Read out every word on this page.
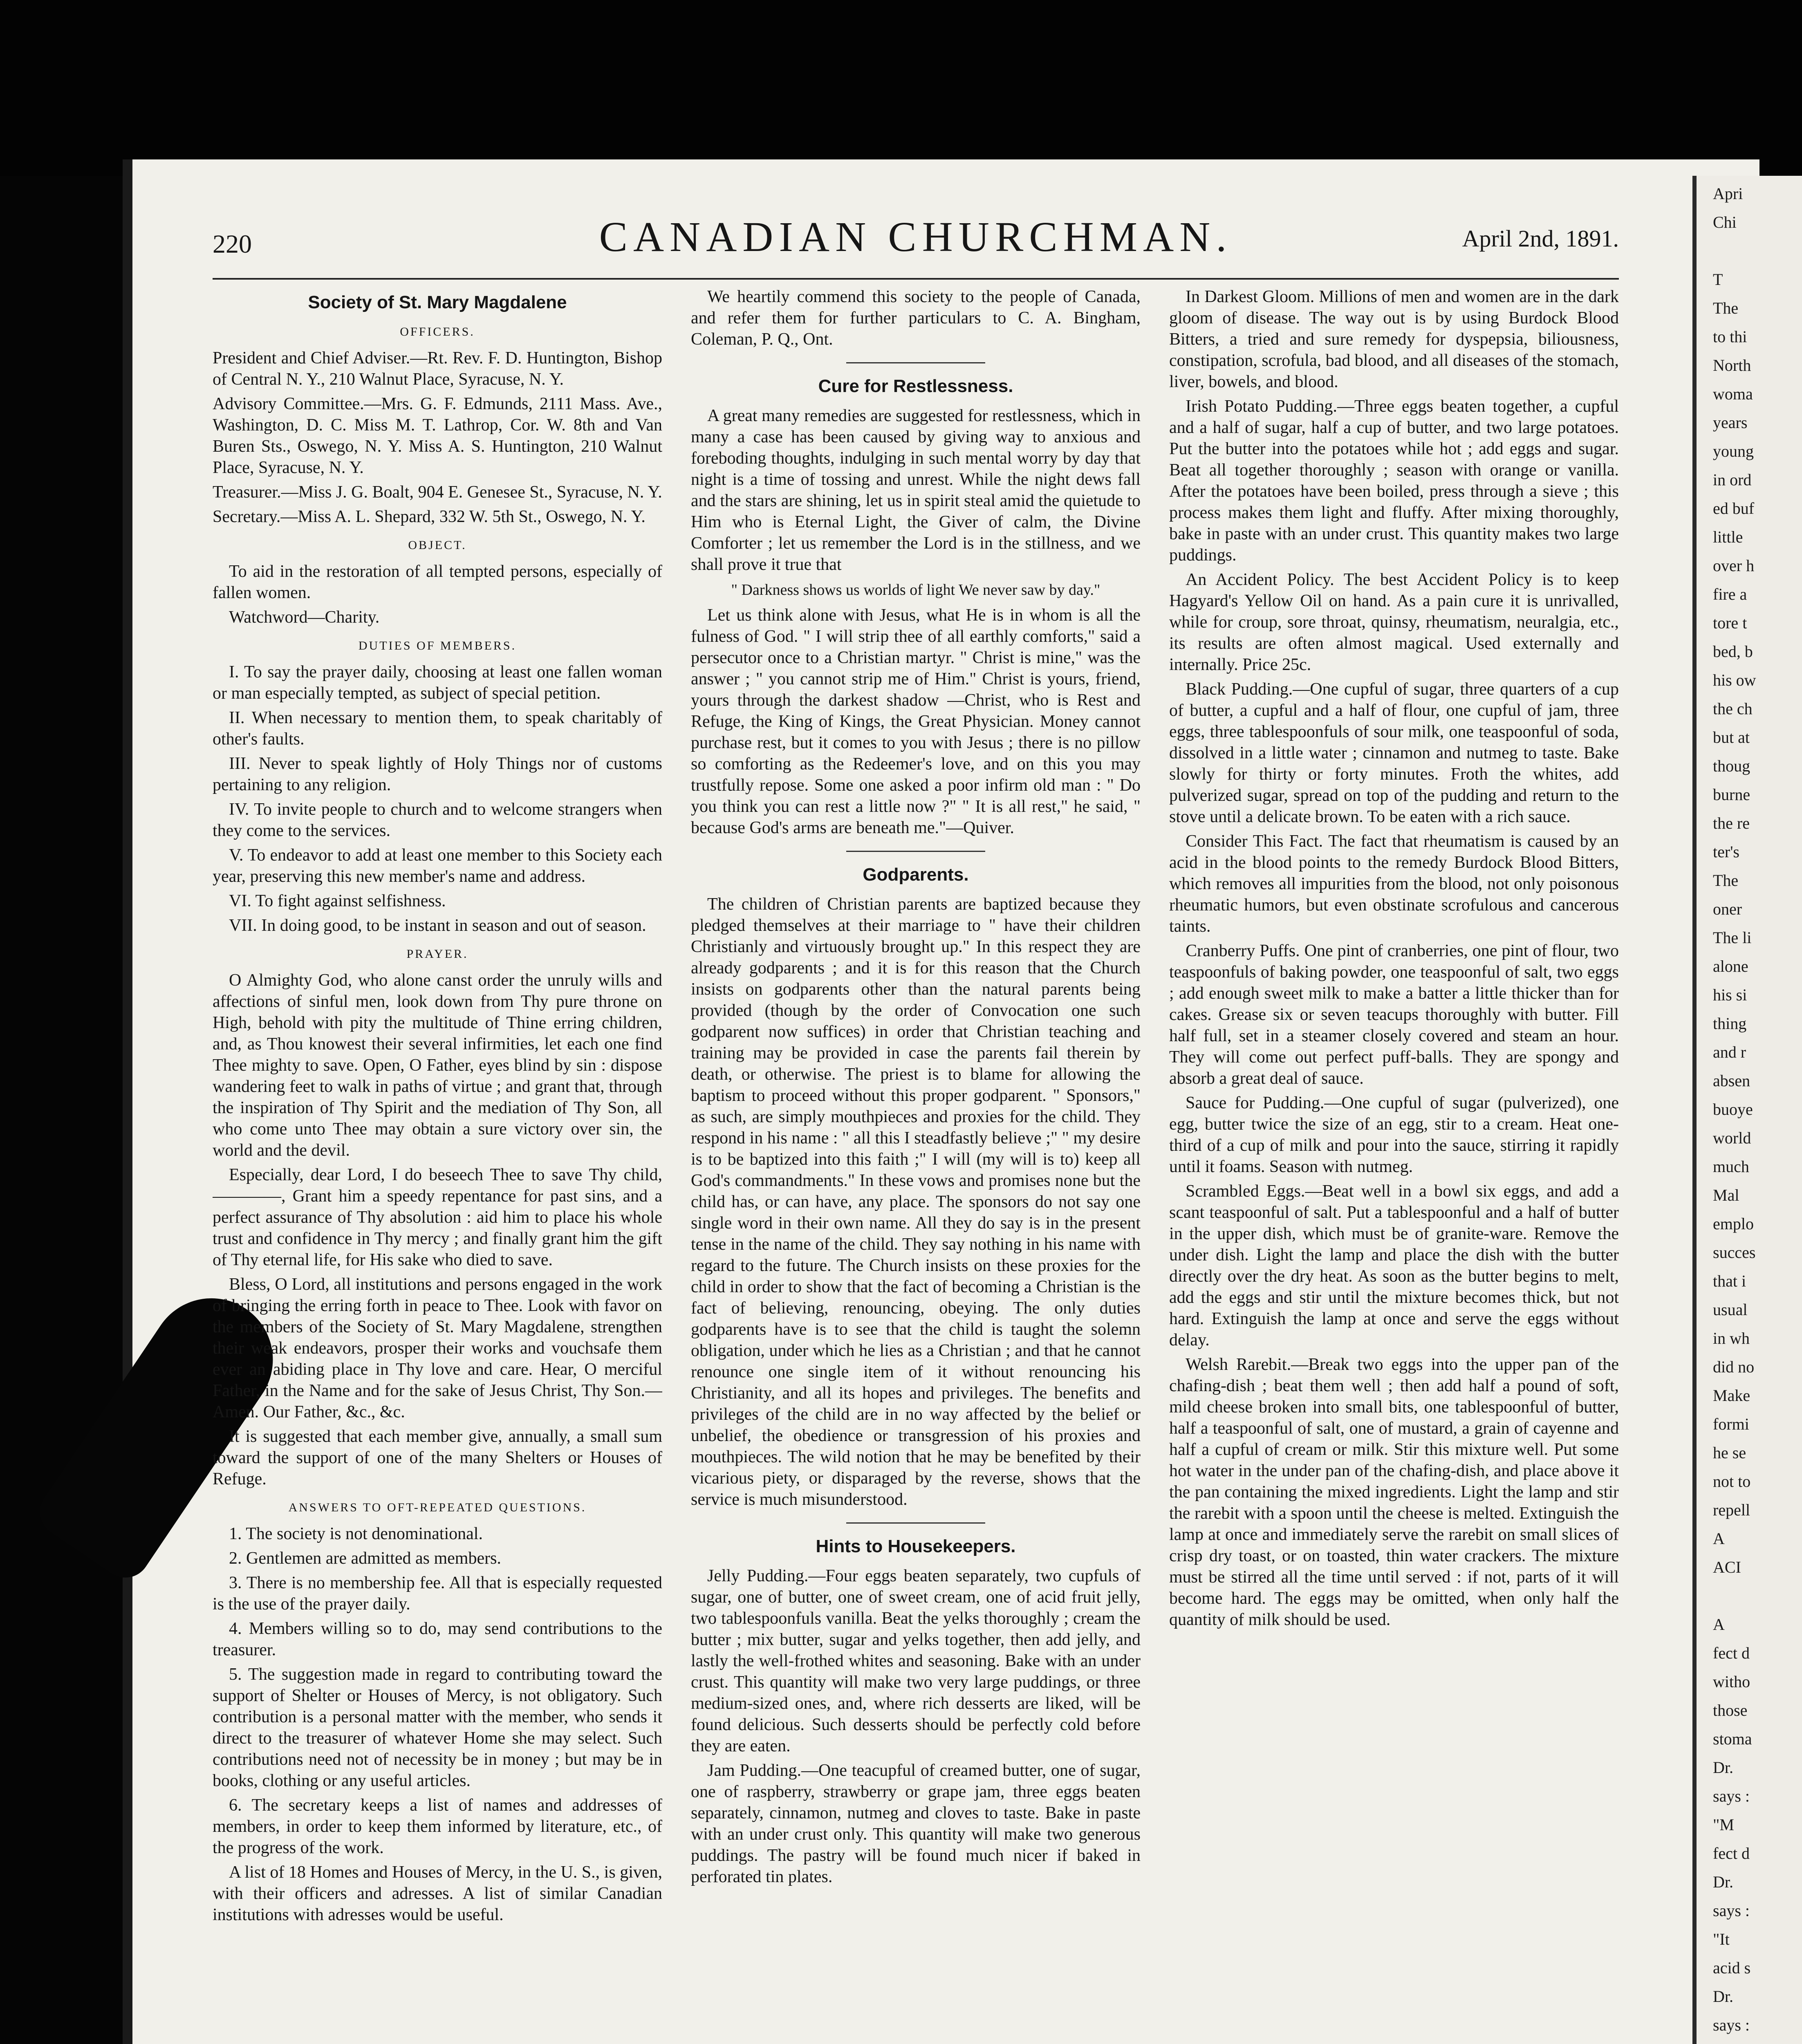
Apri
Chi
T
The
to thi
North
woma
years
young
in ord
ed buf
little
over h
fire a
tore t
bed, b
his ow
the ch
but at
thoug
burne
the re
ter's
The
oner
The li
alone
his si
thing
and r
absen
buoye
world
much
Mal
emplo
succes
that i
usual
in wh
did no
Make
formi
he se
not to
repell
A
ACI
A
fect d
witho
those
stoma
Dr.
says :
"M
fect d
Dr.
says :
"It
acid s
Dr.
says :
220	CANADIAN CHURCHMAN.	April 2nd, 1891.
Society of St. Mary Magdalene
OFFICERS.

President and Chief Adviser.—Rt. Rev. F. D. Huntington, Bishop of Central N. Y., 210 Walnut Place, Syracuse, N. Y.

Advisory Committee.—Mrs. G. F. Edmunds, 2111 Mass. Ave., Washington, D. C. Miss M. T. Lathrop, Cor. W. 8th and Van Buren Sts., Oswego, N. Y. Miss A. S. Huntington, 210 Walnut Place, Syracuse, N. Y.

Treasurer.—Miss J. G. Boalt, 904 E. Genesee St., Syracuse, N. Y.

Secretary.—Miss A. L. Shepard, 332 W. 5th St., Oswego, N. Y.

OBJECT.

To aid in the restoration of all tempted persons, especially of fallen women.

Watchword—Charity.

DUTIES OF MEMBERS.

I. To say the prayer daily, choosing at least one fallen woman or man especially tempted, as subject of special petition.

II. When necessary to mention them, to speak charitably of other's faults.

III. Never to speak lightly of Holy Things nor of customs pertaining to any religion.

IV. To invite people to church and to welcome strangers when they come to the services.

V. To endeavor to add at least one member to this Society each year, preserving this new member's name and address.

VI. To fight against selfishness.

VII. In doing good, to be instant in season and out of season.

PRAYER.

O Almighty God, who alone canst order the unruly wills and affections of sinful men, look down from Thy pure throne on High, behold with pity the multitude of Thine erring children, and, as Thou knowest their several infirmities, let each one find Thee mighty to save. Open, O Father, eyes blind by sin : dispose wandering feet to walk in paths of virtue ; and grant that, through the inspiration of Thy Spirit and the mediation of Thy Son, all who come unto Thee may obtain a sure victory over sin, the world and the devil.

Especially, dear Lord, I do beseech Thee to save Thy child,————, Grant him a speedy repentance for past sins, and a perfect assurance of Thy absolution : aid him to place his whole trust and confidence in Thy mercy ; and finally grant him the gift of Thy eternal life, for His sake who died to save.

Bless, O Lord, all institutions and persons engaged in the work of bringing the erring forth in peace to Thee. Look with favor on the members of the Society of St. Mary Magdalene, strengthen their weak endeavors, prosper their works and vouchsafe them ever an abiding place in Thy love and care. Hear, O merciful Father, in the Name and for the sake of Jesus Christ, Thy Son.—Amen. Our Father, &c., &c.

It is suggested that each member give, annually, a small sum toward the support of one of the many Shelters or Houses of Refuge.

ANSWERS TO OFT-REPEATED QUESTIONS.

1. The society is not denominational.

2. Gentlemen are admitted as members.

3. There is no membership fee. All that is especially requested is the use of the prayer daily.

4. Members willing so to do, may send contributions to the treasurer.

5. The suggestion made in regard to contributing toward the support of Shelter or Houses of Mercy, is not obligatory. Such contribution is a personal matter with the member, who sends it direct to the treasurer of whatever Home she may select. Such contributions need not of necessity be in money ; but may be in books, clothing or any useful articles.

6. The secretary keeps a list of names and addresses of members, in order to keep them informed by literature, etc., of the progress of the work.

A list of 18 Homes and Houses of Mercy, in the U. S., is given, with their officers and adresses. A list of similar Canadian institutions with adresses would be useful.

We heartily commend this society to the people of Canada, and refer them for further particulars to C. A. Bingham, Coleman, P. Q., Ont.

Cure for Restlessness.

A great many remedies are suggested for restlessness, which in many a case has been caused by giving way to anxious and foreboding thoughts, indulging in such mental worry by day that night is a time of tossing and unrest. While the night dews fall and the stars are shining, let us in spirit steal amid the quietude to Him who is Eternal Light, the Giver of calm, the Divine Comforter ; let us remember the Lord is in the stillness, and we shall prove it true that

" Darkness shows us worlds of light We never saw by day."

Let us think alone with Jesus, what He is in whom is all the fulness of God. " I will strip thee of all earthly comforts," said a persecutor once to a Christian martyr. " Christ is mine," was the answer ; " you cannot strip me of Him." Christ is yours, friend, yours through the darkest shadow —Christ, who is Rest and Refuge, the King of Kings, the Great Physician. Money cannot purchase rest, but it comes to you with Jesus ; there is no pillow so comforting as the Redeemer's love, and on this you may trustfully repose. Some one asked a poor infirm old man : " Do you think you can rest a little now ?" " It is all rest," he said, " because God's arms are beneath me."—Quiver.

Godparents.

The children of Christian parents are baptized because they pledged themselves at their marriage to " have their children Christianly and virtuously brought up." In this respect they are already godparents ; and it is for this reason that the Church insists on godparents other than the natural parents being provided (though by the order of Convocation one such godparent now suffices) in order that Christian teaching and training may be provided in case the parents fail therein by death, or otherwise. The priest is to blame for allowing the baptism to proceed without this proper godparent. " Sponsors," as such, are simply mouthpieces and proxies for the child. They respond in his name : " all this I steadfastly believe ;" " my desire is to be baptized into this faith ;" I will (my will is to) keep all God's commandments." In these vows and promises none but the child has, or can have, any place. The sponsors do not say one single word in their own name. All they do say is in the present tense in the name of the child. They say nothing in his name with regard to the future. The Church insists on these proxies for the child in order to show that the fact of becoming a Christian is the fact of believing, renouncing, obeying. The only duties godparents have is to see that the child is taught the solemn obligation, under which he lies as a Christian ; and that he cannot renounce one single item of it without renouncing his Christianity, and all its hopes and privileges. The benefits and privileges of the child are in no way affected by the belief or unbelief, the obedience or transgression of his proxies and mouthpieces. The wild notion that he may be benefited by their vicarious piety, or disparaged by the reverse, shows that the service is much misunderstood.

Hints to Housekeepers.

Jelly Pudding.—Four eggs beaten separately, two cupfuls of sugar, one of butter, one of sweet cream, one of acid fruit jelly, two tablespoonfuls vanilla. Beat the yelks thoroughly ; cream the butter ; mix butter, sugar and yelks together, then add jelly, and lastly the well-frothed whites and seasoning. Bake with an under crust. This quantity will make two very large puddings, or three medium-sized ones, and, where rich desserts are liked, will be found delicious. Such desserts should be perfectly cold before they are eaten.

Jam Pudding.—One teacupful of creamed butter, one of sugar, one of raspberry, strawberry or grape jam, three eggs beaten separately, cinnamon, nutmeg and cloves to taste. Bake in paste with an under crust only. This quantity will make two generous puddings. The pastry will be found much nicer if baked in perforated tin plates.

In Darkest Gloom. Millions of men and women are in the dark gloom of disease. The way out is by using Burdock Blood Bitters, a tried and sure remedy for dyspepsia, biliousness, constipation, scrofula, bad blood, and all diseases of the stomach, liver, bowels, and blood.

Irish Potato Pudding.—Three eggs beaten together, a cupful and a half of sugar, half a cup of butter, and two large potatoes. Put the butter into the potatoes while hot ; add eggs and sugar. Beat all together thoroughly ; season with orange or vanilla. After the potatoes have been boiled, press through a sieve ; this process makes them light and fluffy. After mixing thoroughly, bake in paste with an under crust. This quantity makes two large puddings.

An Accident Policy. The best Accident Policy is to keep Hagyard's Yellow Oil on hand. As a pain cure it is unrivalled, while for croup, sore throat, quinsy, rheumatism, neuralgia, etc., its results are often almost magical. Used externally and internally. Price 25c.

Black Pudding.—One cupful of sugar, three quarters of a cup of butter, a cupful and a half of flour, one cupful of jam, three eggs, three tablespoonfuls of sour milk, one teaspoonful of soda, dissolved in a little water ; cinnamon and nutmeg to taste. Bake slowly for thirty or forty minutes. Froth the whites, add pulverized sugar, spread on top of the pudding and return to the stove until a delicate brown. To be eaten with a rich sauce.

Consider This Fact. The fact that rheumatism is caused by an acid in the blood points to the remedy Burdock Blood Bitters, which removes all impurities from the blood, not only poisonous rheumatic humors, but even obstinate scrofulous and cancerous taints.

Cranberry Puffs. One pint of cranberries, one pint of flour, two teaspoonfuls of baking powder, one teaspoonful of salt, two eggs ; add enough sweet milk to make a batter a little thicker than for cakes. Grease six or seven teacups thoroughly with butter. Fill half full, set in a steamer closely covered and steam an hour. They will come out perfect puff-balls. They are spongy and absorb a great deal of sauce.

Sauce for Pudding.—One cupful of sugar (pulverized), one egg, butter twice the size of an egg, stir to a cream. Heat one-third of a cup of milk and pour into the sauce, stirring it rapidly until it foams. Season with nutmeg.

Scrambled Eggs.—Beat well in a bowl six eggs, and add a scant teaspoonful of salt. Put a tablespoonful and a half of butter in the upper dish, which must be of granite-ware. Remove the under dish. Light the lamp and place the dish with the butter directly over the dry heat. As soon as the butter begins to melt, add the eggs and stir until the mixture becomes thick, but not hard. Extinguish the lamp at once and serve the eggs without delay.

Welsh Rarebit.—Break two eggs into the upper pan of the chafing-dish ; beat them well ; then add half a pound of soft, mild cheese broken into small bits, one tablespoonful of butter, half a teaspoonful of salt, one of mustard, a grain of cayenne and half a cupful of cream or milk. Stir this mixture well. Put some hot water in the under pan of the chafing-dish, and place above it the pan containing the mixed ingredients. Light the lamp and stir the rarebit with a spoon until the cheese is melted. Extinguish the lamp at once and immediately serve the rarebit on small slices of crisp dry toast, or on toasted, thin water crackers. The mixture must be stirred all the time until served : if not, parts of it will become hard. The eggs may be omitted, when only half the quantity of milk should be used.
